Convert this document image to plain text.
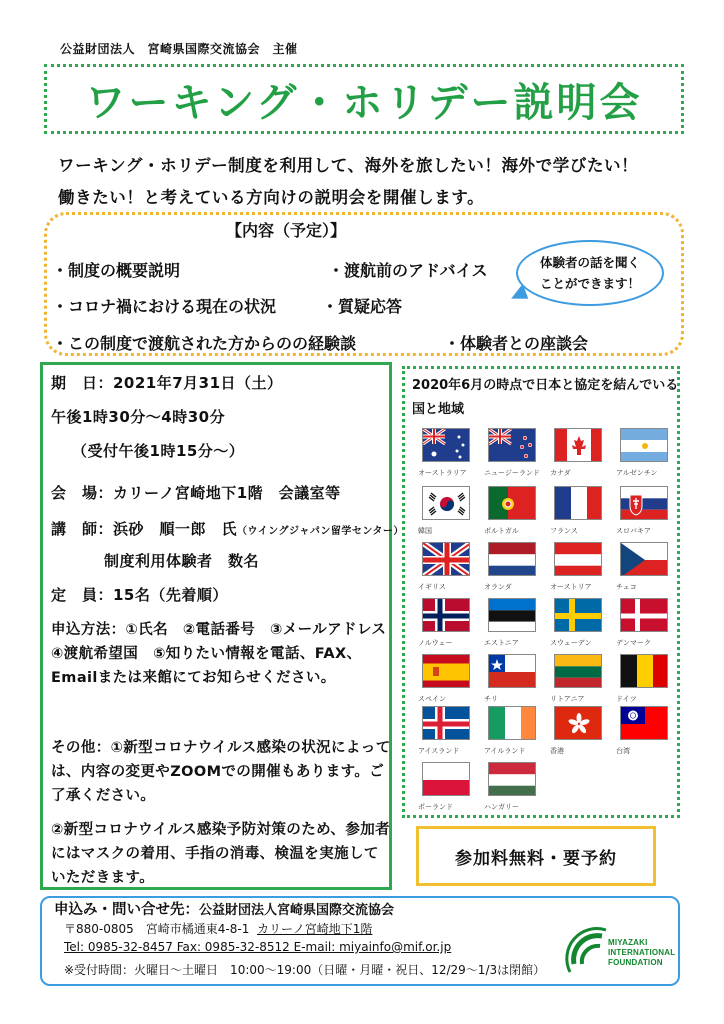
公益財団法人　宮崎県国際交流協会　主催
ワーキング・ホリデー説明会
ワーキング・ホリデー制度を利用して、海外を旅したい！海外で学びたい！
働きたい！と考えている方向けの説明会を開催します。
【内容（予定）】
・制度の概要説明	・渡航前のアドバイス
・コロナ禍における現在の状況	・質疑応答
・この制度で渡航された方からのの経験談	・体験者との座談会
体験者の話を聞く
ことができます！
期　日：2021年7月31日（土）
午後1時30分～4時30分
（受付午後1時15分～）
会　場：カリーノ宮崎地下1階　会議室等
講　師：浜砂　順一郎　氏（ウイングジャパン留学センター）
制度利用体験者　数名
定　員：15名（先着順）
申込方法：①氏名　②電話番号　③メールアドレス　④渡航希望国　⑤知りたい情報を電話、FAX、Emailまたは来館にてお知らせください。
その他：①新型コロナウイルス感染の状況によっては、内容の変更やZOOMでの開催もあります。ご了承ください。
②新型コロナウイルス感染予防対策のため、参加者にはマスクの着用、手指の消毒、検温を実施していただきます。
2020年6月の時点で日本と協定を結んでいる国と地域
オーストラリア	ニュージーランド	カナダ	アルゼンチン
韓国	ポルトガル	フランス	スロバキア
イギリス	オランダ	オーストリア	チェコ
ノルウェー	エストニア	スウェーデン	デンマーク
スペイン	チリ	リトアニア	ドイツ
アイスランド	アイルランド	香港	台湾
ポーランド	ハンガリー
参加料無料・要予約
申込み・問い合せ先：公益財団法人宮崎県国際交流協会
〒880-0805　宮崎市橘通東4-8-1 カリーノ宮崎地下1階
Tel: 0985-32-8457 Fax: 0985-32-8512 E-mail: miyainfo@mif.or.jp
※受付時間：火曜日～土曜日　10:00～19:00（日曜・月曜・祝日、12/29～1/3は閉館）
MIYAZAKI
INTERNATIONAL
FOUNDATION
